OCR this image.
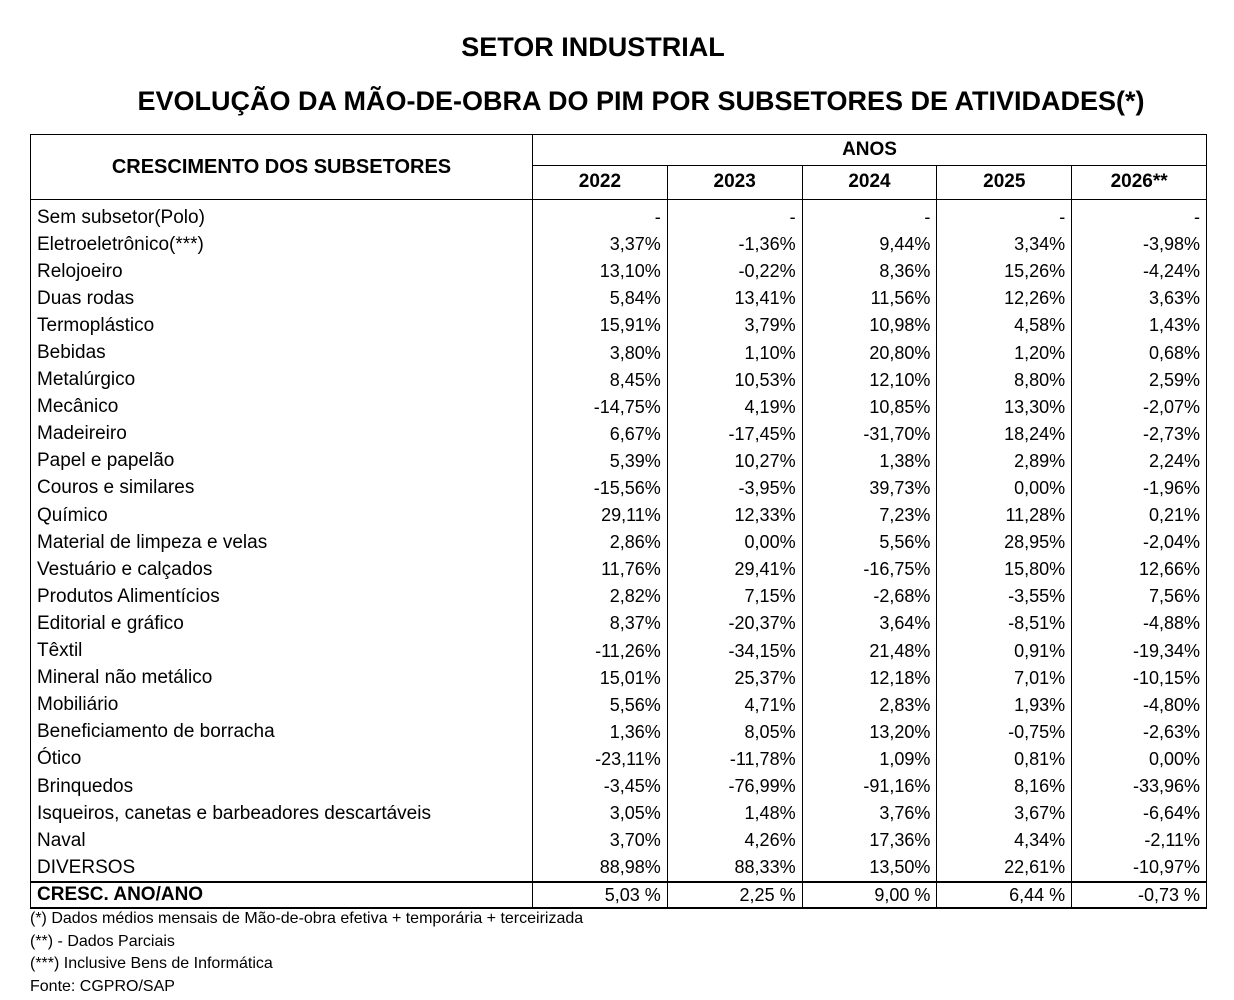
SETOR INDUSTRIAL
EVOLUÇÃO DA MÃO-DE-OBRA DO PIM POR SUBSETORES DE ATIVIDADES(*)
CRESCIMENTO DOS SUBSETORES	ANOS				
	2022	2023	2024	2025	2026**
Sem subsetor(Polo)	-	-	-	-	-
Eletroeletrônico(***)	3,37%	-1,36%	9,44%	3,34%	-3,98%
Relojoeiro	13,10%	-0,22%	8,36%	15,26%	-4,24%
Duas rodas	5,84%	13,41%	11,56%	12,26%	3,63%
Termoplástico	15,91%	3,79%	10,98%	4,58%	1,43%
Bebidas	3,80%	1,10%	20,80%	1,20%	0,68%
Metalúrgico	8,45%	10,53%	12,10%	8,80%	2,59%
Mecânico	-14,75%	4,19%	10,85%	13,30%	-2,07%
Madeireiro	6,67%	-17,45%	-31,70%	18,24%	-2,73%
Papel e papelão	5,39%	10,27%	1,38%	2,89%	2,24%
Couros e similares	-15,56%	-3,95%	39,73%	0,00%	-1,96%
Químico	29,11%	12,33%	7,23%	11,28%	0,21%
Material de limpeza e velas	2,86%	0,00%	5,56%	28,95%	-2,04%
Vestuário e calçados	11,76%	29,41%	-16,75%	15,80%	12,66%
Produtos Alimentícios	2,82%	7,15%	-2,68%	-3,55%	7,56%
Editorial e gráfico	8,37%	-20,37%	3,64%	-8,51%	-4,88%
Têxtil	-11,26%	-34,15%	21,48%	0,91%	-19,34%
Mineral não metálico	15,01%	25,37%	12,18%	7,01%	-10,15%
Mobiliário	5,56%	4,71%	2,83%	1,93%	-4,80%
Beneficiamento de borracha	1,36%	8,05%	13,20%	-0,75%	-2,63%
Ótico	-23,11%	-11,78%	1,09%	0,81%	0,00%
Brinquedos	-3,45%	-76,99%	-91,16%	8,16%	-33,96%
Isqueiros, canetas e barbeadores descartáveis	3,05%	1,48%	3,76%	3,67%	-6,64%
Naval	3,70%	4,26%	17,36%	4,34%	-2,11%
DIVERSOS	88,98%	88,33%	13,50%	22,61%	-10,97%
CRESC. ANO/ANO	5,03 %	2,25 %	9,00 %	6,44 %	-0,73 %
(*) Dados médios mensais de Mão-de-obra efetiva + temporária + terceirizada
(**) - Dados Parciais
(***) Inclusive Bens de Informática
Fonte: CGPRO/SAP
